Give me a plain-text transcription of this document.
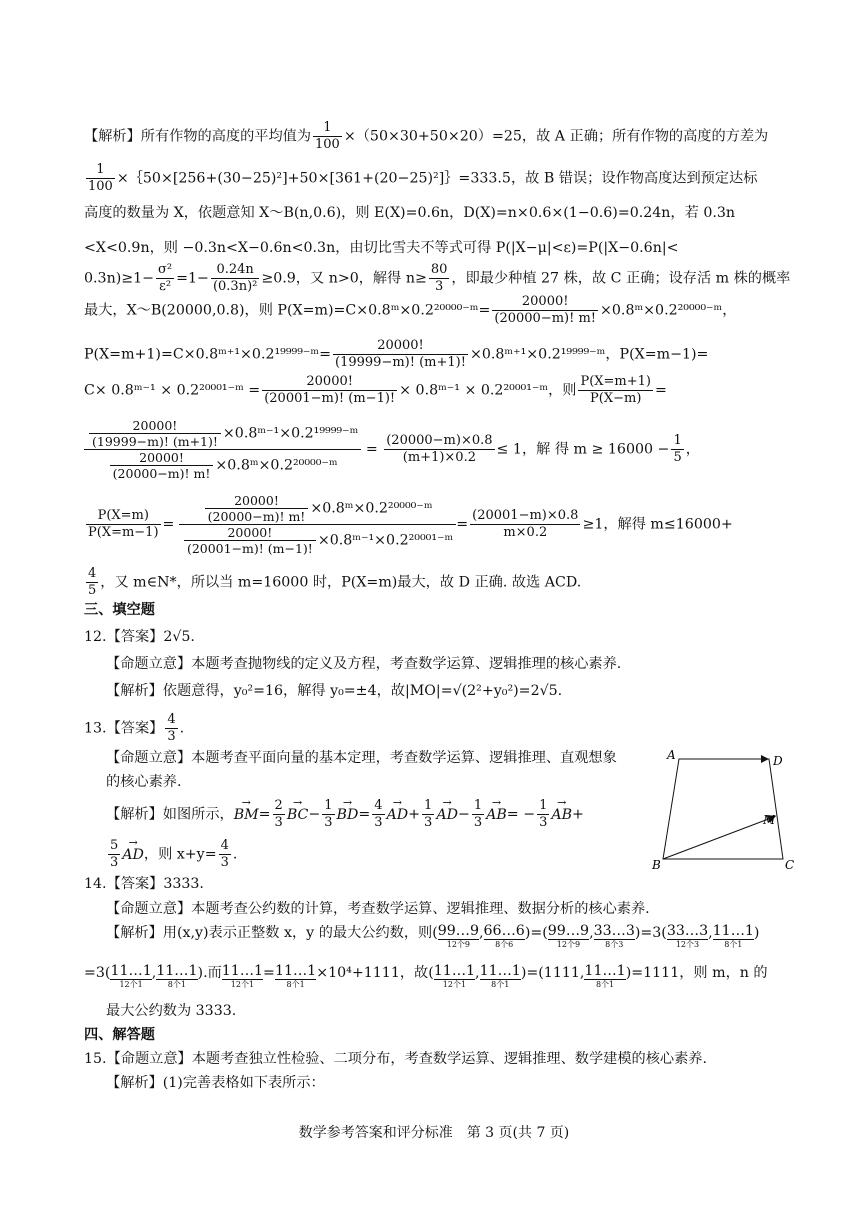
【解析】所有作物的高度的平均值为 $\frac{1}{100} \times(50\times 30+50\times 20)=25$，故 A 正确；所有作物的高度的方差为
$\frac{1}{100}$ ×｛50×[256+(30−25)²]+50×[361+(20−25)²]｝=333.5，故 B 错误；设作物高度达到预定达标
高度的数量为 X，依题意知 X～B(n,0.6)，则 E(X)=0.6n，D(X)=n×0.6×(1−0.6)=0.24n，若 0.3n
<X<0.9n，则 −0.3n<X−0.6n<0.3n，由切比雪夫不等式可得 P(|X−μ|<ε)=P(|X−0.6n|<
$0.3n)\ge 1- \frac{\text{σ²}}{\text{ε²}} =1- \frac{0.24n}{\text{(0.3n)²}} \ge 0.9$，又 n>0，解得 $n\ge \frac{80}{3}$ ，即最少种植 27 株，故 C 正确；设存活 m 株的概率
最大，X～B(20000,0.8)，则 P(X=m)=C×0.8ᵐ×0.2²⁰⁰⁰⁰⁻ᵐ= $\frac{20000!}{(20000-m)! m!}$ ×0.8ᵐ×0.2²⁰⁰⁰⁰⁻ᵐ，
P(X=m+1)=C×0.8ᵐ⁺¹×0.2¹⁹⁹⁹⁹⁻ᵐ= $\frac{20000!}{(19999-m)! (m+1)!}$ ×0.8ᵐ⁺¹×0.2¹⁹⁹⁹⁹⁻ᵐ，P(X=m−1)=
C× 0.8ᵐ⁻¹ × 0.2²⁰⁰⁰¹⁻ᵐ = $\frac{20000!}{(20001-m)! (m-1)!}$ × 0.8ᵐ⁻¹ × 0.2²⁰⁰⁰¹⁻ᵐ，则 $\frac{P(X=m+1)}{P(X-m)}$ =
$\frac{\frac{20000!}{(19999-m)! (m+1)!} \times 0.8ᵐ^{-1}\times 0.2^{19999-}ᵐ}{\frac{20000!}{(20000-m)! m!} \times 0.8ᵐ\times 0.2^{20000-}ᵐ} = \frac{(20000-m)\times 0.8}{(m+1)\times 0.2} \le 1$，解 得 $m \ge 16000 - \frac{1}{5}$ ，
$\frac{P(X=m)}{P(X=m-1)} = \frac{\frac{20000!}{(20000-m)! m!} \times 0.8ᵐ\times 0.2^{20000-}ᵐ}{\frac{20000!}{(20001-m)! (m-1)!} \times 0.8ᵐ^{-1}\times 0.2^{20001-}ᵐ} = \frac{(20001-m)\times 0.8}{m\times 0.2} \ge 1$，解得 m≤16000+
$\frac{4}{5}$ ，又 m∈N*，所以当 m=16000 时，P(X=m)最大，故 D 正确. 故选 ACD.
三、填空题
12.【答案】2√5.
【命题立意】本题考查抛物线的定义及方程，考查数学运算、逻辑推理的核心素养.
【解析】依题意得，y₀²=16，解得 y₀=±4，故|MO|=√(2²+y₀²)=2√5.
13.【答案】 $\frac{4}{3}$ .
【命题立意】本题考查平面向量的基本定理，考查数学运算、逻辑推理、直观想象
的核心素养.
【解析】如图所示，→ $BM= \frac{2}{3} \to BC- \frac{1}{3} \to BD= \frac{4}{3} \to AD+ \frac{1}{3} \to AD- \frac{1}{3} \to AB= - \frac{1}{3} \to AB+$
$\frac{5}{3}$ → AD，则 $x+y= \frac{4}{3}$ .
A	D
M
B	C
14.【答案】3333.
【命题立意】本题考查公约数的计算，考查数学运算、逻辑推理、数据分析的核心素养.
【解析】用(x,y)表示正整数 x，y 的最大公约数，则( 99…9
12个9
, 66…6
8个6
)=( 99…9
12个9
, 33…3
8个3
)=3( 33…3
12个3
, 11…1
8个1
)
=3( 11…1
12个1
, 11…1
8个1
).而 11…1
12个1
= 11…1
8个1
×10⁴+1111，故( 11…1
12个1
, 11…1
8个1
)=(1111, 11…1
8个1
)=1111，则 m，n 的
最大公约数为 3333.
四、解答题
15.【命题立意】本题考查独立性检验、二项分布，考查数学运算、逻辑推理、数学建模的核心素养.
【解析】(1)完善表格如下表所示：
数学参考答案和评分标准　第 3 页(共 7 页)
